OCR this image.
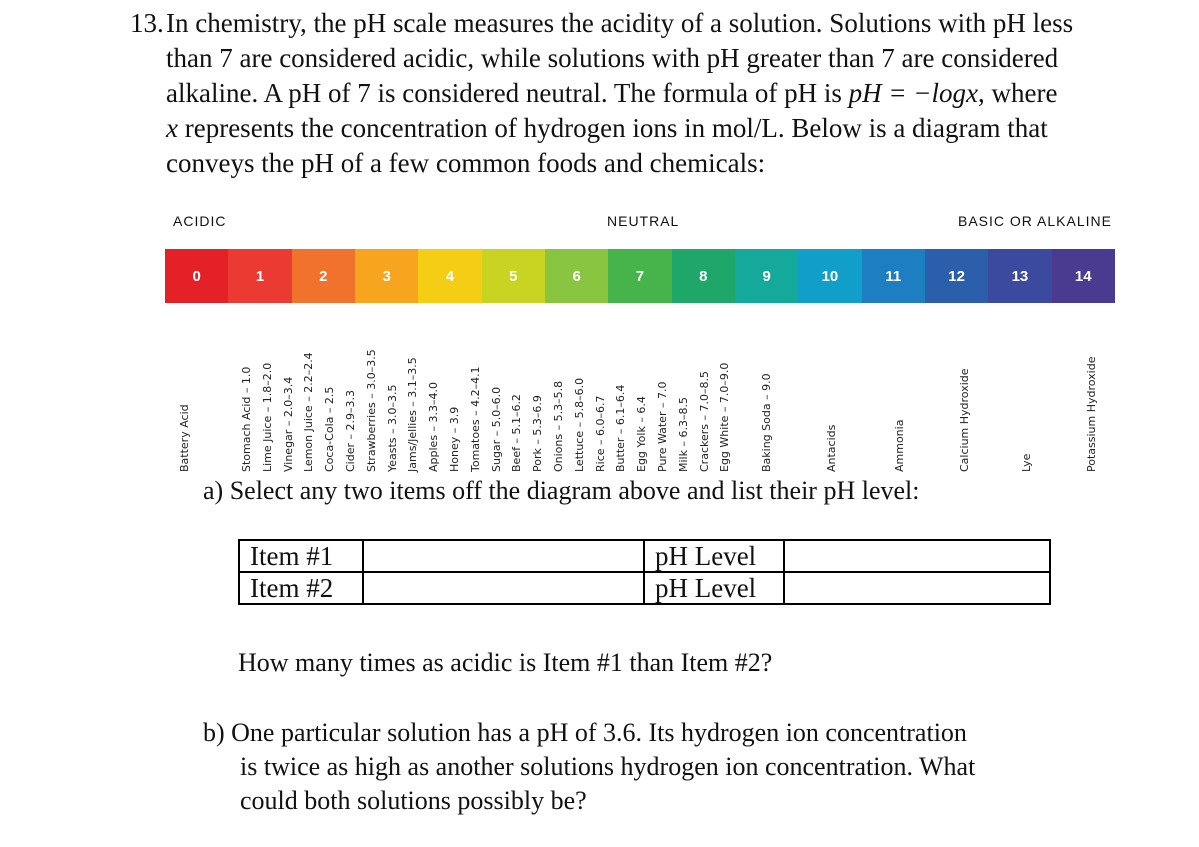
13. In chemistry, the pH scale measures the acidity of a solution. Solutions with pH less
than 7 are considered acidic, while solutions with pH greater than 7 are considered
alkaline. A pH of 7 is considered neutral. The formula of pH is pH = −logx, where
x represents the concentration of hydrogen ions in mol/L. Below is a diagram that
conveys the pH of a few common foods and chemicals:
ACIDIC	NEUTRAL	BASIC OR ALKALINE
0	1	2	3	4	5	6	7	8	9	10	11	12	13	14
Battery Acid	Stomach Acid – 1.0 Lime Juice – 1.8–2.0 Vinegar – 2.0–3.4 Lemon Juice – 2.2–2.4 Coca-Cola – 2.5 Cider – 2.9–3.3 Strawberries – 3.0–3.5 Yeasts – 3.0–3.5 Jams/Jellies – 3.1–3.5 Apples – 3.3–4.0 Honey – 3.9 Tomatoes – 4.2–4.1 Sugar – 5.0–6.0 Beef – 5.1–6.2 Pork – 5.3–6.9 Onions – 5.3–5.8 Lettuce – 5.8–6.0 Rice – 6.0–6.7 Butter – 6.1–6.4 Egg Yolk – 6.4 Pure Water – 7.0 Milk – 6.3–8.5 Crackers – 7.0–8.5 Egg White – 7.0–9.0	Baking Soda – 9.0	Antacids	Ammonia	Calcium Hydroxide	Lye	Potassium Hydroxide
a) Select any two items off the diagram above and list their pH level:
Item #1		pH Level	
Item #2		pH Level	
How many times as acidic is Item #1 than Item #2?
b) One particular solution has a pH of 3.6. Its hydrogen ion concentration
is twice as high as another solutions hydrogen ion concentration. What
could both solutions possibly be?
